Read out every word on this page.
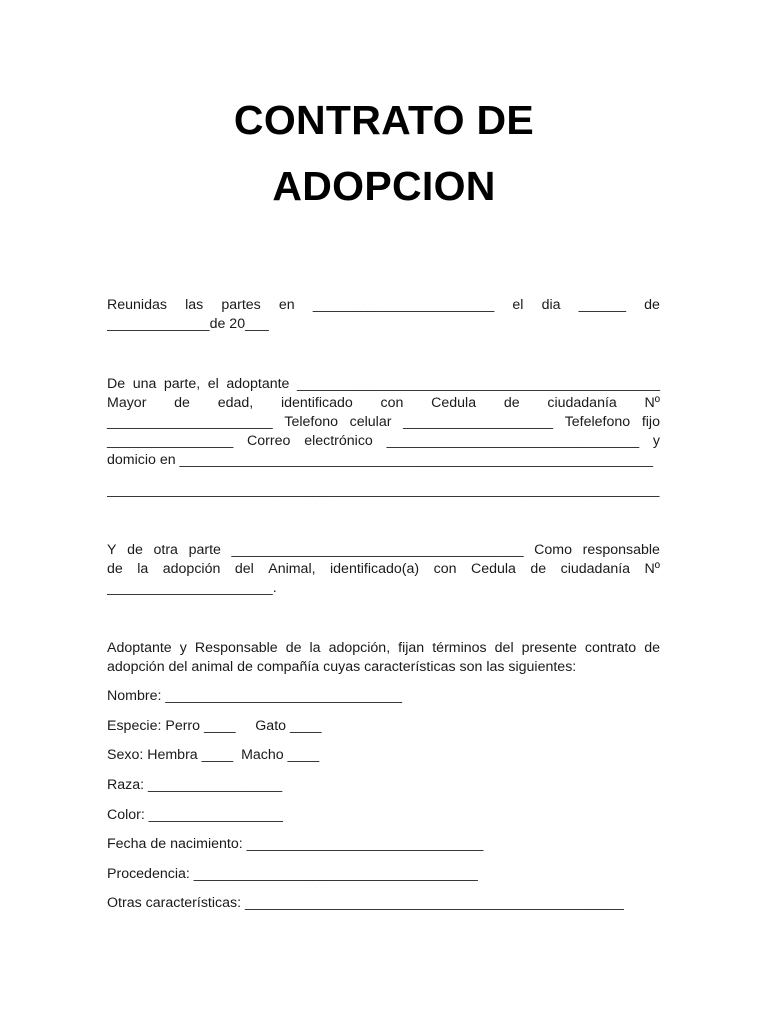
CONTRATO DE
ADOPCION
Reunidas las partes en _______________________ el dia ______ de
_____________de 20___
De una parte, el adoptante ______________________________________________
Mayor de edad, identificado con Cedula de ciudadanía Nº
_____________________ Telefono celular ___________________ Tefelefono fijo
________________ Correo electrónico ________________________________ y
domicio en ____________________________________________________________
______________________________________________________________________
Y de otra parte _____________________________________ Como responsable
de la adopción del Animal, identificado(a) con Cedula de ciudadanía Nº
_____________________.
Adoptante y Responsable de la adopción, fijan términos del presente contrato de
adopción del animal de compañía cuyas características son las siguientes:
Nombre: ______________________________
Especie: Perro ____     Gato ____
Sexo: Hembra ____  Macho ____
Raza: _________________
Color: _________________
Fecha de nacimiento: ______________________________
Procedencia: ____________________________________
Otras características: ________________________________________________
